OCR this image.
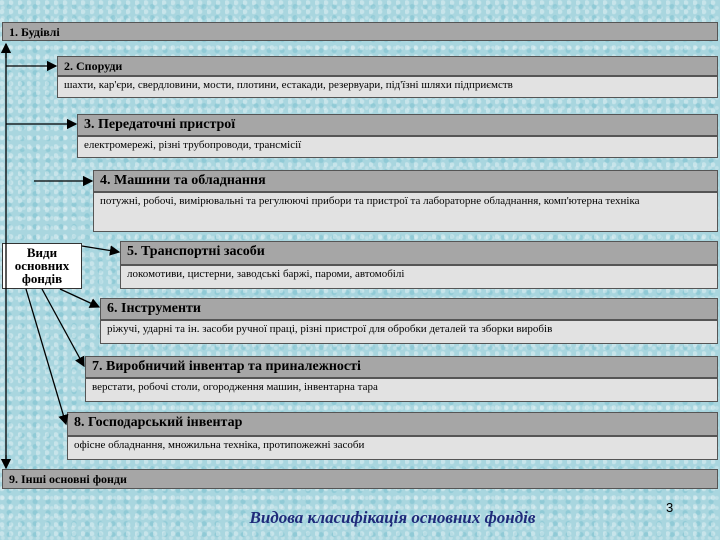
1. Будівлі
2. Споруди
шахти, кар'єри, свердловини, мости, плотини, естакади, резервуари, під'їзні шляхи підприємств
3. Передаточні пристрої
електромережі, різні трубопроводи, трансмісії
4. Машини та обладнання
потужні, робочі, вимірювальні та регулюючі прибори та пристрої та лабораторне обладнання, комп'ютерна техніка
Види основних фондів
5. Транспортні засоби
локомотиви, цистерни, заводські баржі, пароми, автомобілі
6. Інструменти
ріжучі, ударні та ін. засоби ручної праці, різні пристрої для обробки деталей та зборки виробів
7. Виробничий інвентар та приналежності
верстати, робочі столи, огородження машин, інвентарна тара
8. Господарський інвентар
офісне обладнання, множильна техніка, протипожежні засоби
9. Інші основні фонди
3
Видова класифікація основних фондів
